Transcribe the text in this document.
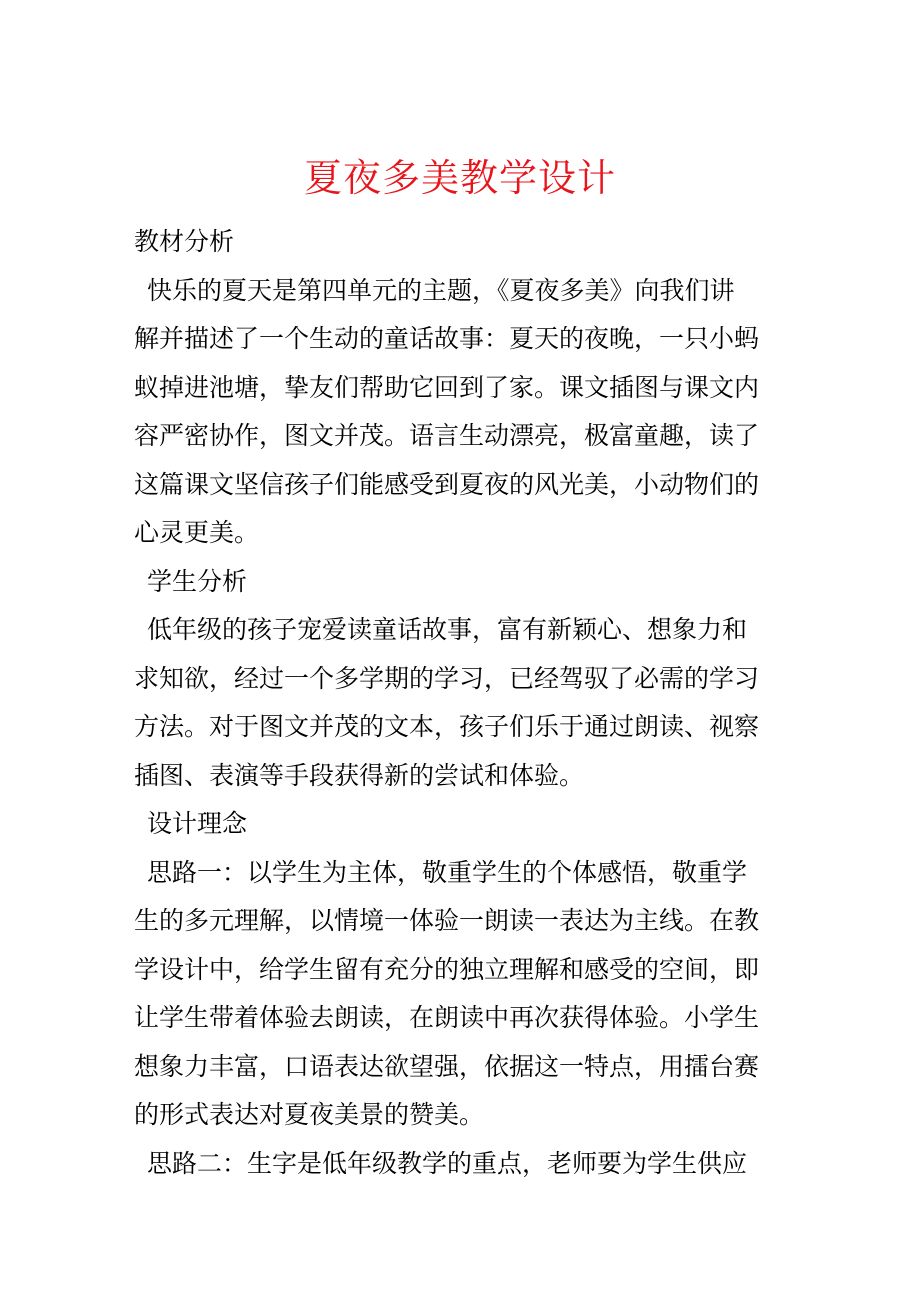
夏夜多美教学设计
教材分析
快乐的夏天是第四单元的主题，《夏夜多美》向我们讲
解并描述了一个生动的童话故事：夏天的夜晚，一只小蚂
蚁掉进池塘，挚友们帮助它回到了家。课文插图与课文内
容严密协作，图文并茂。语言生动漂亮，极富童趣，读了
这篇课文坚信孩子们能感受到夏夜的风光美，小动物们的
心灵更美。
学生分析
低年级的孩子宠爱读童话故事，富有新颖心、想象力和
求知欲，经过一个多学期的学习，已经驾驭了必需的学习
方法。对于图文并茂的文本，孩子们乐于通过朗读、视察
插图、表演等手段获得新的尝试和体验。
设计理念
思路一：以学生为主体，敬重学生的个体感悟，敬重学
生的多元理解，以情境一体验一朗读一表达为主线。在教
学设计中，给学生留有充分的独立理解和感受的空间，即
让学生带着体验去朗读，在朗读中再次获得体验。小学生
想象力丰富，口语表达欲望强，依据这一特点，用擂台赛
的形式表达对夏夜美景的赞美。
思路二：生字是低年级教学的重点，老师要为学生供应
